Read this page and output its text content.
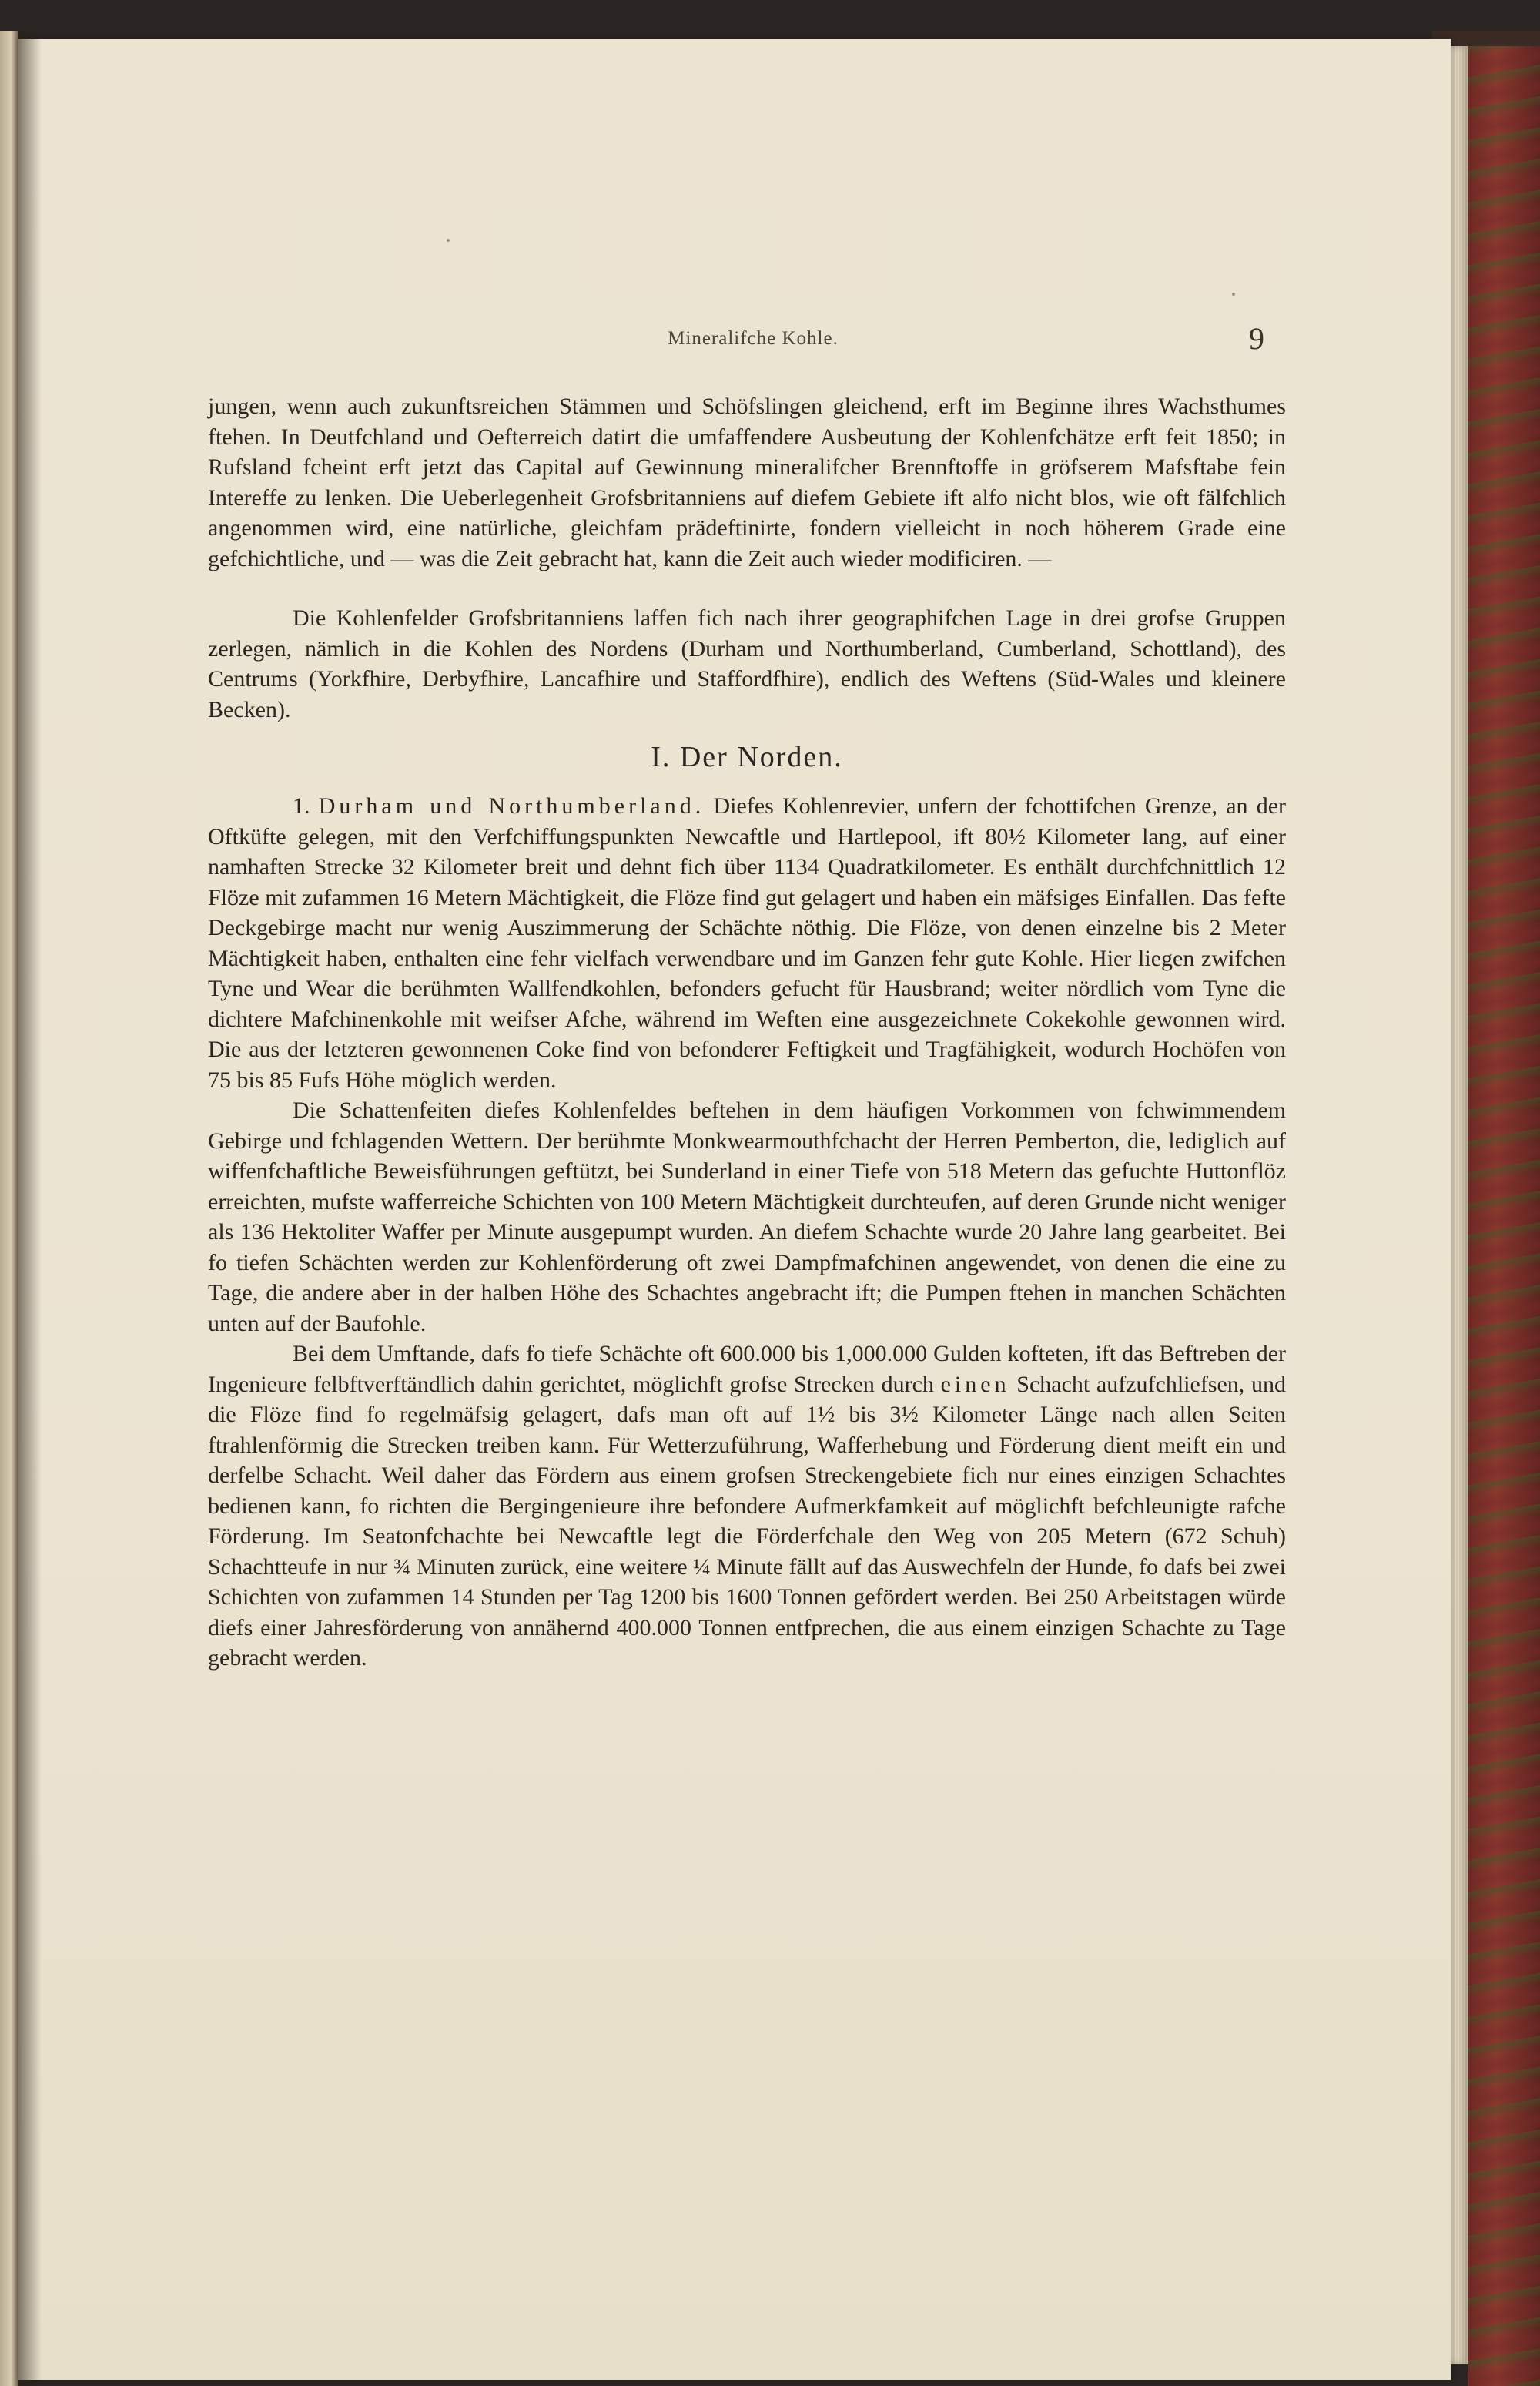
Mineralifche Kohle.	9

jungen, wenn auch zukunftsreichen Stämmen und Schöfslingen gleichend, erft im Beginne ihres Wachsthumes ftehen. In Deutfchland und Oefterreich datirt die umfaffendere Ausbeutung der Kohlenfchätze erft feit 1850; in Rufsland fcheint erft jetzt das Capital auf Gewinnung mineralifcher Brennftoffe in gröfserem Mafsftabe fein Intereffe zu lenken. Die Ueberlegenheit Grofsbritanniens auf diefem Gebiete ift alfo nicht blos, wie oft fälfchlich angenommen wird, eine natürliche, gleichfam prädeftinirte, fondern vielleicht in noch höherem Grade eine gefchichtliche, und — was die Zeit gebracht hat, kann die Zeit auch wieder modificiren. —

Die Kohlenfelder Grofsbritanniens laffen fich nach ihrer geographifchen Lage in drei grofse Gruppen zerlegen, nämlich in die Kohlen des Nordens (Durham und Northumberland, Cumberland, Schottland), des Centrums (Yorkfhire, Derbyfhire, Lancafhire und Staffordfhire), endlich des Weftens (Süd-Wales und kleinere Becken).

I. Der Norden.

1. Durham und Northumberland. Diefes Kohlenrevier, unfern der fchottifchen Grenze, an der Oftküfte gelegen, mit den Verfchiffungspunkten Newcaftle und Hartlepool, ift 80½ Kilometer lang, auf einer namhaften Strecke 32 Kilometer breit und dehnt fich über 1134 Quadratkilometer. Es enthält durchfchnittlich 12 Flöze mit zufammen 16 Metern Mächtigkeit, die Flöze find gut gelagert und haben ein mäfsiges Einfallen. Das fefte Deckgebirge macht nur wenig Auszimmerung der Schächte nöthig. Die Flöze, von denen einzelne bis 2 Meter Mächtigkeit haben, enthalten eine fehr vielfach verwendbare und im Ganzen fehr gute Kohle. Hier liegen zwifchen Tyne und Wear die berühmten Wallfendkohlen, befonders gefucht für Hausbrand; weiter nördlich vom Tyne die dichtere Mafchinenkohle mit weifser Afche, während im Weften eine ausgezeichnete Cokekohle gewonnen wird. Die aus der letzteren gewonnenen Coke find von befonderer Feftigkeit und Tragfähigkeit, wodurch Hochöfen von 75 bis 85 Fufs Höhe möglich werden.

Die Schattenfeiten diefes Kohlenfeldes beftehen in dem häufigen Vorkommen von fchwimmendem Gebirge und fchlagenden Wettern. Der berühmte Monkwearmouthfchacht der Herren Pemberton, die, lediglich auf wiffenfchaftliche Beweisführungen geftützt, bei Sunderland in einer Tiefe von 518 Metern das gefuchte Huttonflöz erreichten, mufste wafferreiche Schichten von 100 Metern Mächtigkeit durchteufen, auf deren Grunde nicht weniger als 136 Hektoliter Waffer per Minute ausgepumpt wurden. An diefem Schachte wurde 20 Jahre lang gearbeitet. Bei fo tiefen Schächten werden zur Kohlenförderung oft zwei Dampfmafchinen angewendet, von denen die eine zu Tage, die andere aber in der halben Höhe des Schachtes angebracht ift; die Pumpen ftehen in manchen Schächten unten auf der Baufohle.

Bei dem Umftande, dafs fo tiefe Schächte oft 600.000 bis 1,000.000 Gulden kofteten, ift das Beftreben der Ingenieure felbftverftändlich dahin gerichtet, möglichft grofse Strecken durch einen Schacht aufzufchliefsen, und die Flöze find fo regelmäfsig gelagert, dafs man oft auf 1½ bis 3½ Kilometer Länge nach allen Seiten ftrahlenförmig die Strecken treiben kann. Für Wetterzuführung, Wafferhebung und Förderung dient meift ein und derfelbe Schacht. Weil daher das Fördern aus einem grofsen Streckengebiete fich nur eines einzigen Schachtes bedienen kann, fo richten die Bergingenieure ihre befondere Aufmerkfamkeit auf möglichft befchleunigte rafche Förderung. Im Seatonfchachte bei Newcaftle legt die Förderfchale den Weg von 205 Metern (672 Schuh) Schachtteufe in nur ¾ Minuten zurück, eine weitere ¼ Minute fällt auf das Auswechfeln der Hunde, fo dafs bei zwei Schichten von zufammen 14 Stunden per Tag 1200 bis 1600 Tonnen gefördert werden. Bei 250 Arbeitstagen würde diefs einer Jahresförderung von annähernd 400.000 Tonnen entfprechen, die aus einem einzigen Schachte zu Tage gebracht werden.
